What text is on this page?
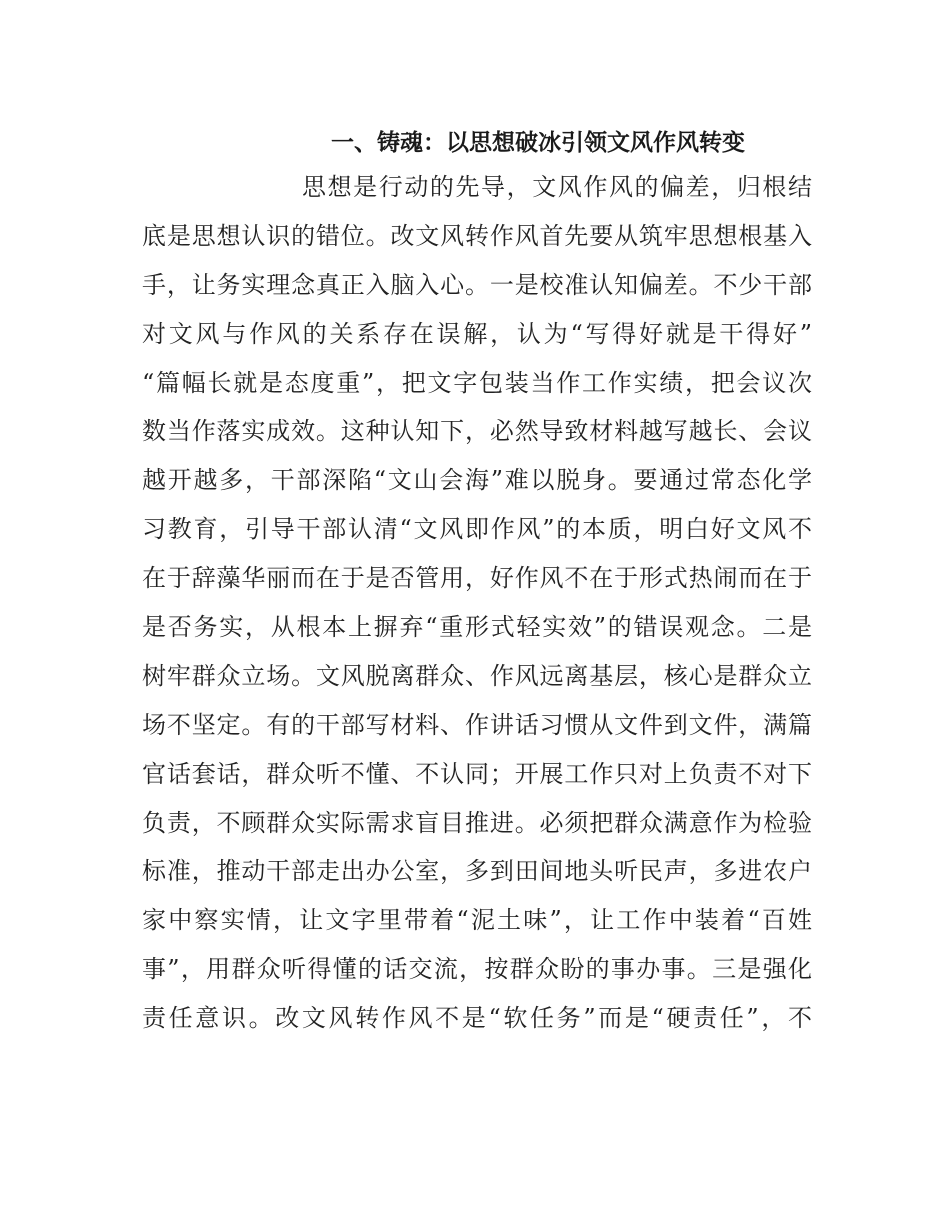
一、铸魂：以思想破冰引领文风作风转变
思想是行动的先导，文风作风的偏差，归根结
底是思想认识的错位。改文风转作风首先要从筑牢思想根基入
手，让务实理念真正入脑入心。一是校准认知偏差。不少干部
对文风与作风的关系存在误解，认为“写得好就是干得好”
“篇幅长就是态度重”，把文字包装当作工作实绩，把会议次
数当作落实成效。这种认知下，必然导致材料越写越长、会议
越开越多，干部深陷“文山会海”难以脱身。要通过常态化学
习教育，引导干部认清“文风即作风”的本质，明白好文风不
在于辞藻华丽而在于是否管用，好作风不在于形式热闹而在于
是否务实，从根本上摒弃“重形式轻实效”的错误观念。二是
树牢群众立场。文风脱离群众、作风远离基层，核心是群众立
场不坚定。有的干部写材料、作讲话习惯从文件到文件，满篇
官话套话，群众听不懂、不认同；开展工作只对上负责不对下
负责，不顾群众实际需求盲目推进。必须把群众满意作为检验
标准，推动干部走出办公室，多到田间地头听民声，多进农户
家中察实情，让文字里带着“泥土味”，让工作中装着“百姓
事”，用群众听得懂的话交流，按群众盼的事办事。三是强化
责任意识。改文风转作风不是“软任务”而是“硬责任”，不
